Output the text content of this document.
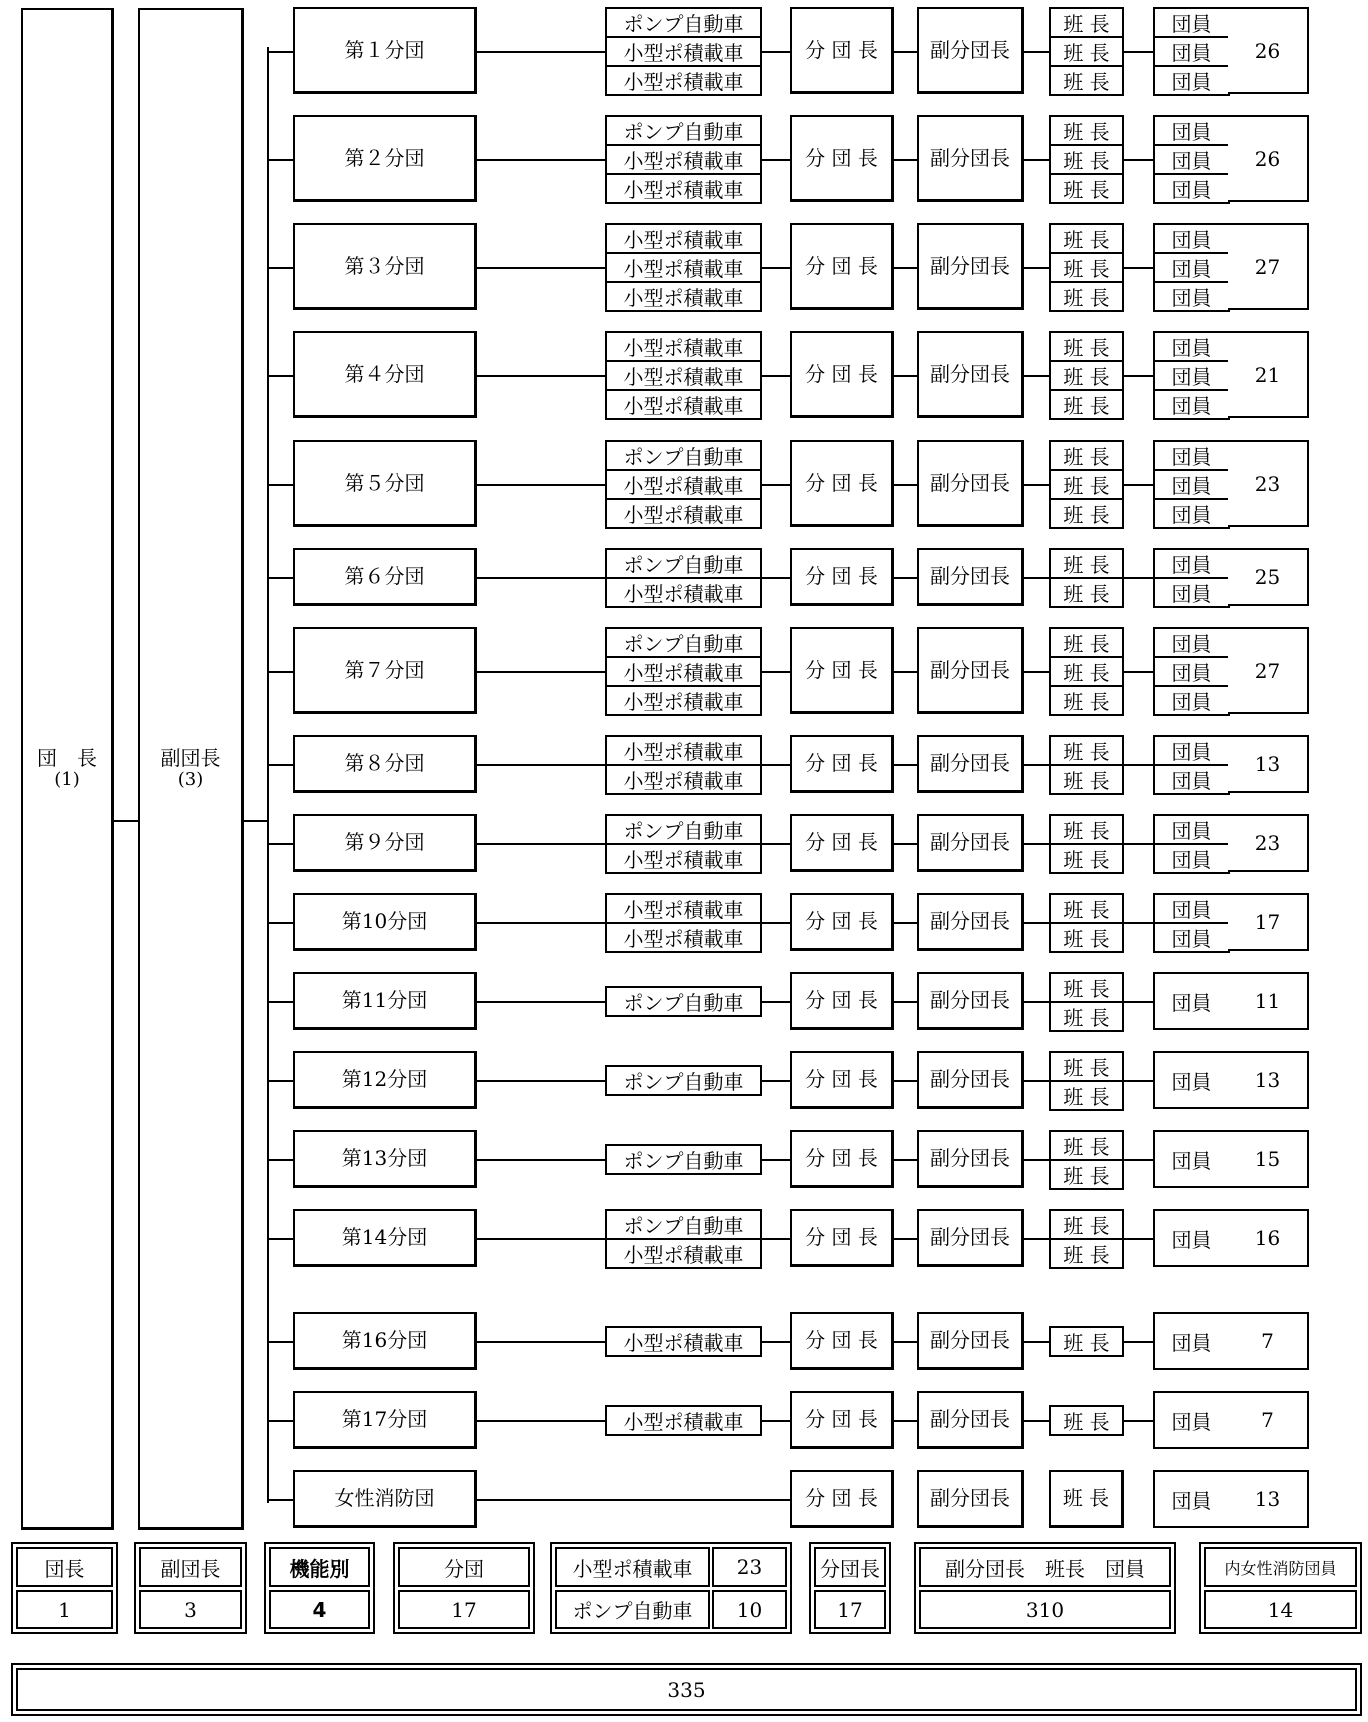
団　長
(1)
副団長
(3)
第１分団
ポンプ自動車
小型ポ積載車
小型ポ積載車
分 団 長	副分団長
班 長
班 長
班 長
団員
団員
団員
26
第２分団
ポンプ自動車
小型ポ積載車
小型ポ積載車
分 団 長	副分団長
班 長
班 長
班 長
団員
団員
団員
26
第３分団
小型ポ積載車
小型ポ積載車
小型ポ積載車
分 団 長	副分団長
班 長
班 長
班 長
団員
団員
団員
27
第４分団
小型ポ積載車
小型ポ積載車
小型ポ積載車
分 団 長	副分団長
班 長
班 長
班 長
団員
団員
団員
21
第５分団
ポンプ自動車
小型ポ積載車
小型ポ積載車
分 団 長	副分団長
班 長
班 長
班 長
団員
団員
団員
23
第６分団	ポンプ自動車
小型ポ積載車
分 団 長	副分団長	班 長
班 長
団員
団員
25
第７分団
ポンプ自動車
小型ポ積載車
小型ポ積載車
分 団 長	副分団長
班 長
班 長
班 長
団員
団員
団員
27
第８分団	小型ポ積載車
小型ポ積載車
分 団 長	副分団長	班 長
班 長
団員
団員
13
第９分団	ポンプ自動車
小型ポ積載車
分 団 長	副分団長	班 長
班 長
団員
団員
23
第10分団	小型ポ積載車
小型ポ積載車
分 団 長	副分団長	班 長
班 長
団員
団員
17
第11分団	ポンプ自動車	分 団 長	副分団長	班 長
班 長
団員	11
第12分団	ポンプ自動車	分 団 長	副分団長	班 長
班 長
団員	13
第13分団	ポンプ自動車	分 団 長	副分団長	班 長
班 長
団員	15
第14分団	ポンプ自動車
小型ポ積載車
分 団 長	副分団長	班 長
班 長
団員	16
第16分団	小型ポ積載車	分 団 長	副分団長	班 長	団員	7
第17分団	小型ポ積載車	分 団 長	副分団長	班 長	団員	7
女性消防団	分 団 長	副分団長	班 長	団員	13
団長
1
副団長
3
機能別
4
分団
17
小型ポ積載車	23
ポンプ自動車	10
分団長
17
副分団長　班長　団員
310
内女性消防団員
14
335
